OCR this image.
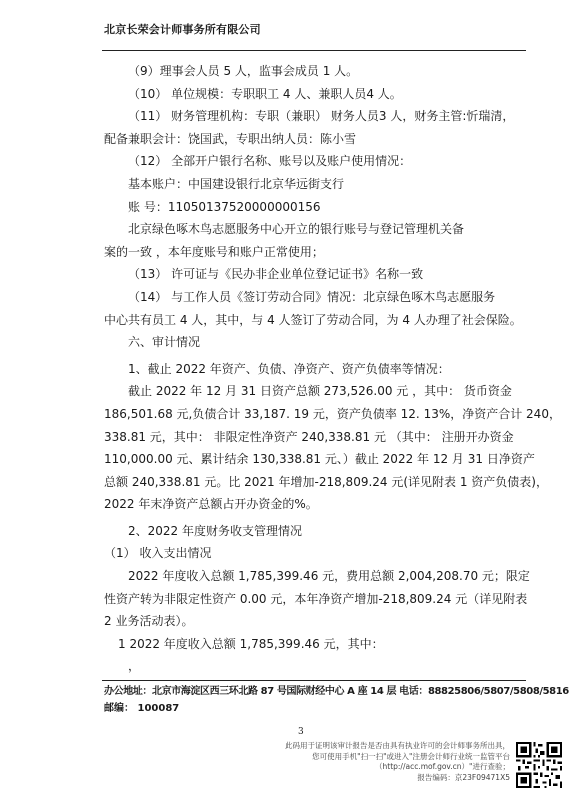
北京长荣会计师事务所有限公司

（9）理事会人员 5 人，监事会成员 1 人。

（10） 单位规模：专职职工 4 人、兼职人员4 人。

（11） 财务管理机构：专职（兼职） 财务人员3 人，财务主管:忻瑞清，

配备兼职会计：饶国武，专职出纳人员：陈小雪

（12） 全部开户银行名称、账号以及账户使用情况：

基本账户：中国建设银行北京华远街支行

账 号：11050137520000000156

北京绿色啄木鸟志愿服务中心开立的银行账号与登记管理机关备

案的一致 ，本年度账号和账户正常使用；

（13） 许可证与《民办非企业单位登记证书》名称一致

（14） 与工作人员《签订劳动合同》情况：北京绿色啄木鸟志愿服务

中心共有员工 4 人，其中，与 4 人签订了劳动合同，为 4 人办理了社会保险。

六、审计情况

1、截止 2022 年资产、负债、净资产、资产负债率等情况：

截止 2022 年 12 月 31 日资产总额 273,526.00 元 ，其中： 货币资金

186,501.68 元,负债合计 33,187. 19 元，资产负债率 12. 13%，净资产合计 240，

338.81 元，其中： 非限定性净资产 240,338.81 元 （其中： 注册开办资金

110,000.00 元、累计结余 130,338.81 元、）截止 2022 年 12 月 31 日净资产

总额 240,338.81 元。比 2021 年增加-218,809.24 元(详见附表 1 资产负债表)，

2022 年末净资产总额占开办资金的%。

2、2022 年度财务收支管理情况

（1） 收入支出情况

2022 年度收入总额 1,785,399.46 元，费用总额 2,004,208.70 元；限定

性资产转为非限定性资产 0.00 元，本年净资产增加-218,809.24 元（详见附表

2 业务活动表）。

1 2022 年度收入总额 1,785,399.46 元，其中：

，

办公地址：北京市海淀区西三环北路 87 号国际财经中心 A 座 14 层 电话：88825806/5807/5808/5816
邮编： 100087
3
此码用于证明该审计报告是否由具有执业许可的会计师事务所出具，
您可使用手机"扫一扫"或进入"注册会计师行业统一监管平台（http://acc.mof.gov.cn）"进行查验；
报告编码：京23F09471X5
